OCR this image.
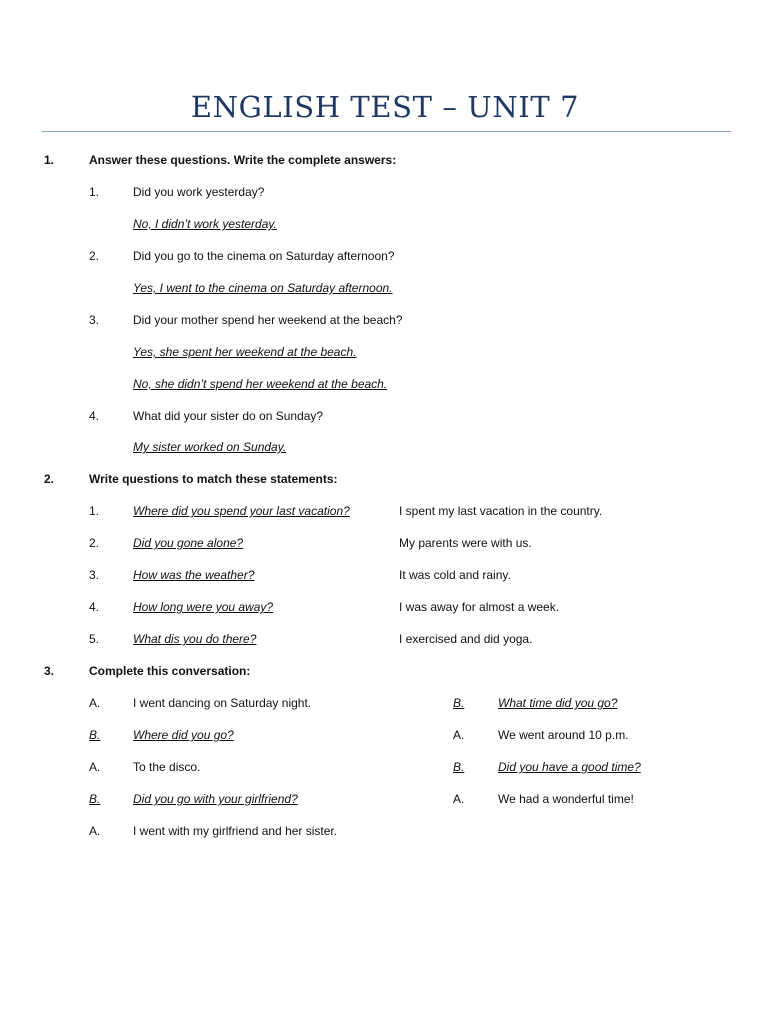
ENGLISH TEST – UNIT 7
1.	Answer these questions. Write the complete answers:
1.	Did you work yesterday?
No, I didn’t work yesterday.
2.	Did you go to the cinema on Saturday afternoon?
Yes, I went to the cinema on Saturday afternoon.
3.	Did your mother spend her weekend at the beach?
Yes, she spent her weekend at the beach.
No, she didn’t spend her weekend at the beach.
4.	What did your sister do on Sunday?
My sister worked on Sunday.
2.	Write questions to match these statements:
1.	Where did you spend your last vacation?	I spent my last vacation in the country.
2.	Did you gone alone?	My parents were with us.
3.	How was the weather?	It was cold and rainy.
4.	How long were you away?	I was away for almost a week.
5.	What dis you do there?	I exercised and did yoga.
3.	Complete this conversation:
A.	I went dancing on Saturday night.
B.	Where did you go?
A.	To the disco.
B.	Did you go with your girlfriend?
A.	I went with my girlfriend and her sister.
B.	What time did you go?
A.	We went around 10 p.m.
B.	Did you have a good time?
A.	We had a wonderful time!
